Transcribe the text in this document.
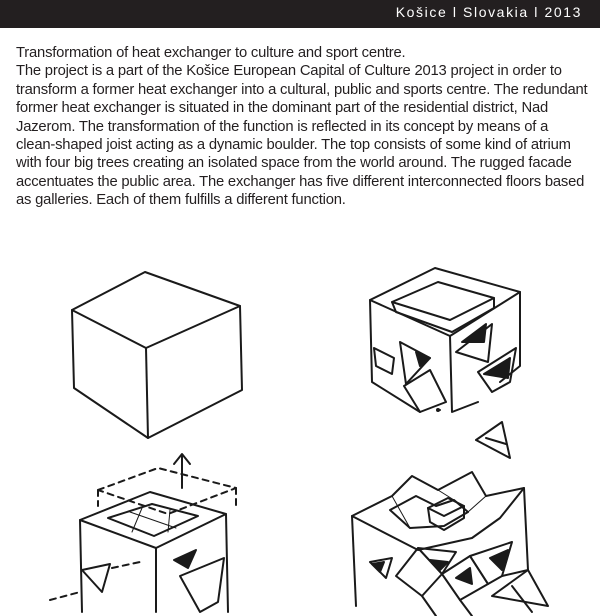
Košice l Slovakia l 2013

Transformation of heat exchanger to culture and sport centre.

The project is a part of the Košice European Capital of Culture 2013 project in order to transform a former heat exchanger into a cultural, public and sports centre. The redundant former heat exchanger is situated in the dominant part of the residential district, Nad Jazerom. The transformation of the function is reflected in its concept by means of a clean-shaped joist acting as a dynamic boulder. The top consists of some kind of atrium with four big trees creating an isolated space from the world around. The rugged facade accentuates the public area. The exchanger has five different interconnected floors based as galleries. Each of them fulfills a different function.
